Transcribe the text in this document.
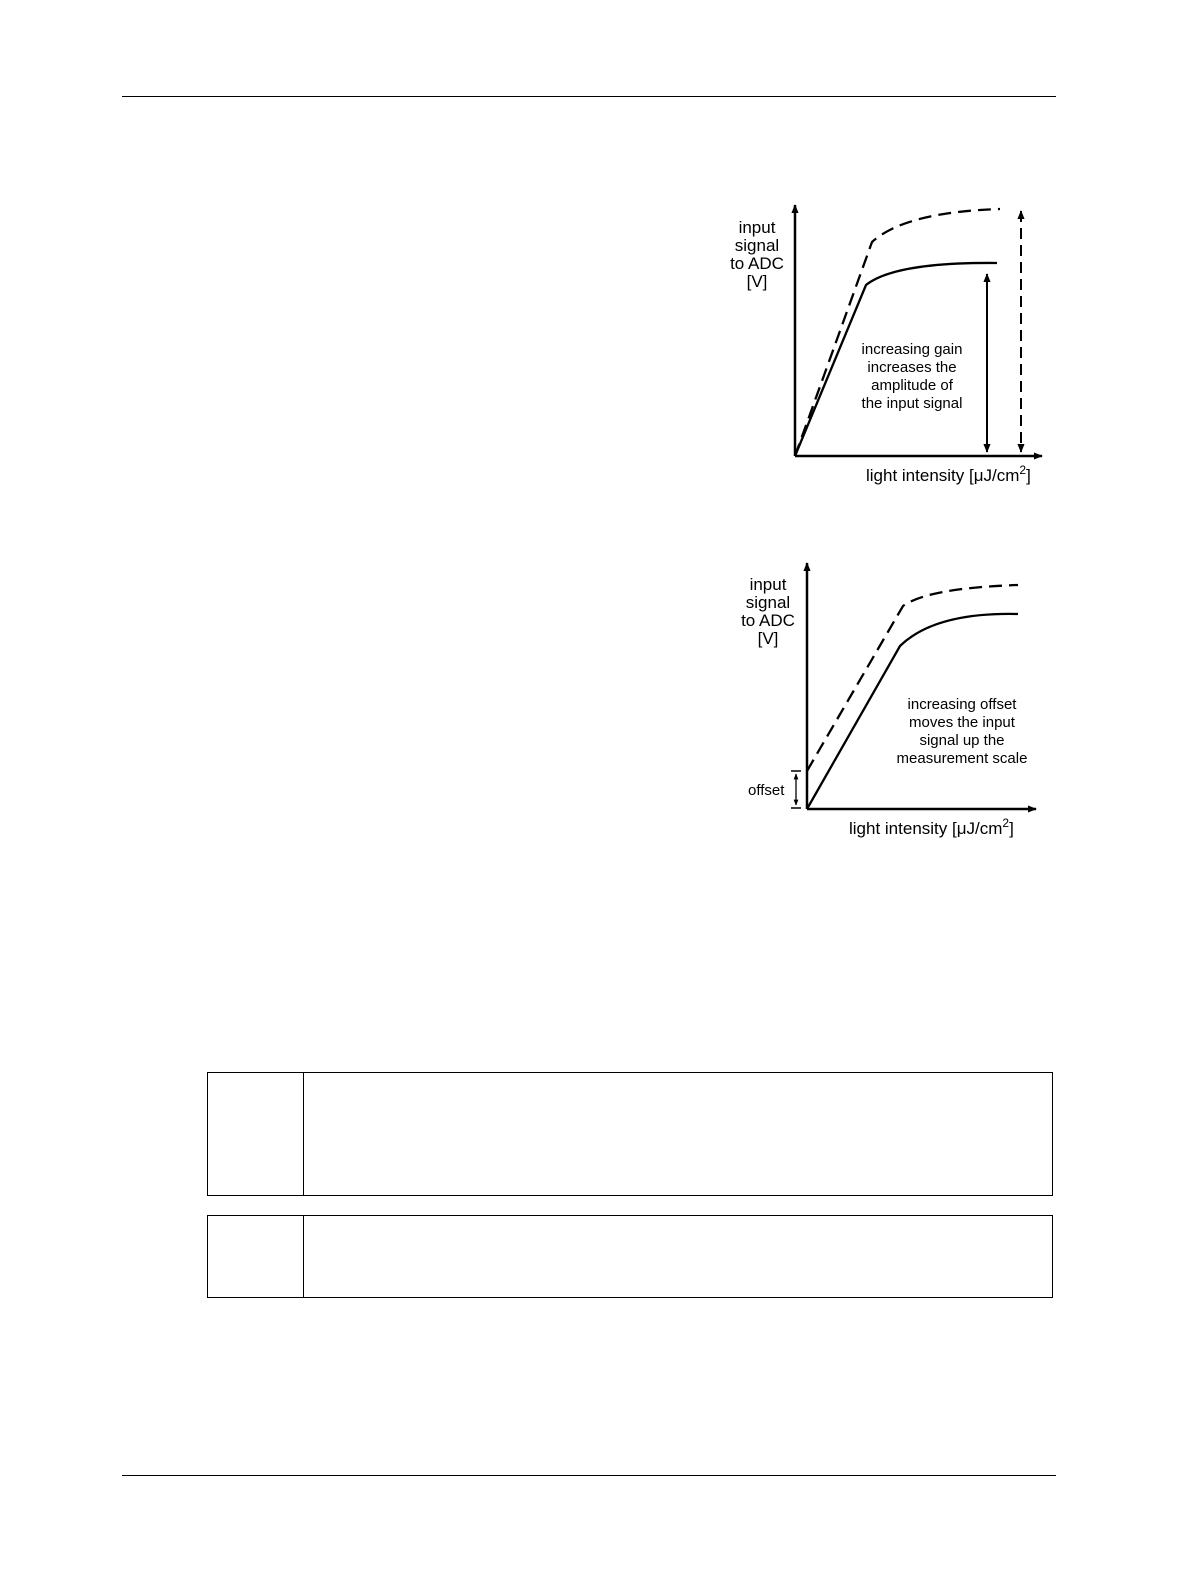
input
signal
to ADC
[V]
increasing gain
increases the
amplitude of
the input signal
light intensity $[\mu J/cm^2]$
offset
input
signal
to ADC
[V]
increasing offset
moves the input
signal up the
measurement scale
light intensity $[\mu J/cm^2]$
